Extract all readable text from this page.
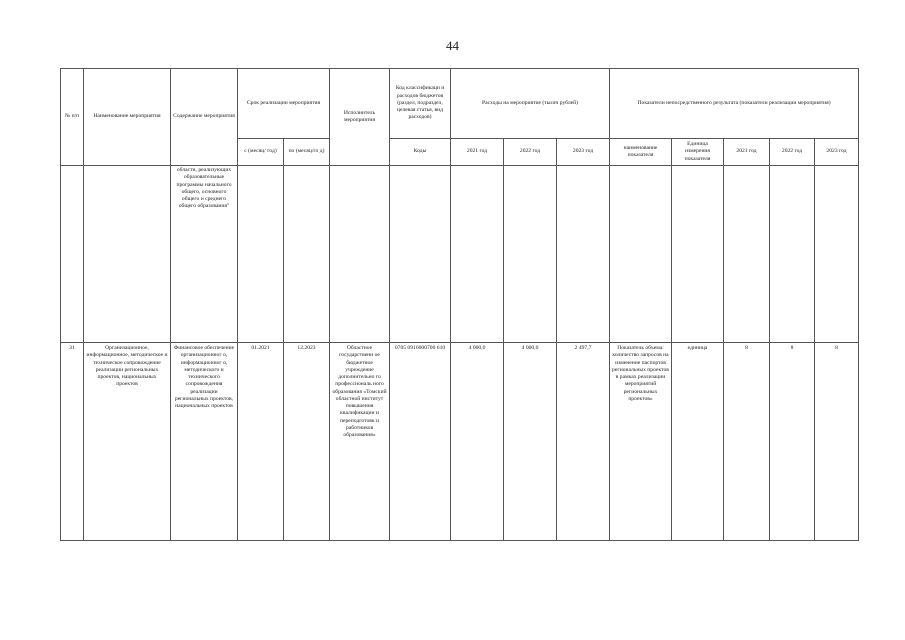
44
№ п/п	Наименование мероприятия	Содержание мероприятия	Срок реализации мероприятия		Исполнитель мероприятия	Код классификаци и расходов бюджетов (раздел, подраздел, целевая статья, вид расходов)	Расходы на мероприятие (тысяч рублей)			Показатели непосредственного результата (показатели реализации мероприятия)				
			с (месяц/ год)	по (месяц/го д)		Коды	2021 год	2022 год	2023 год	наименование показателя	Единица измерения показателя	2021 год	2022 год	2023 год
		области, реализующих образовательные программы начального общего, основного общего и среднего общего образования"												
31	Организационное, информационное, методическое и техническое сопровождение реализации региональных проектов, национальных проектов	Финансовое обеспечение организационног о, информационног о, методического и технического сопровождения реализации региональных проектов, национальных проектов	01.2021	12.2023	Областное государственн ое бюджетное учреждение дополнительно го профессиональ ного образования «Томский областной институт повышения квалификации и переподготовк и работников образования»	0705 0916000700 610	4 000,0	4 000,0	2 497,7	Показатель объема: количество запросов на изменение паспортов региональных проектов в рамках реализации мероприятий региональных проектов»	единица	8	8	8
